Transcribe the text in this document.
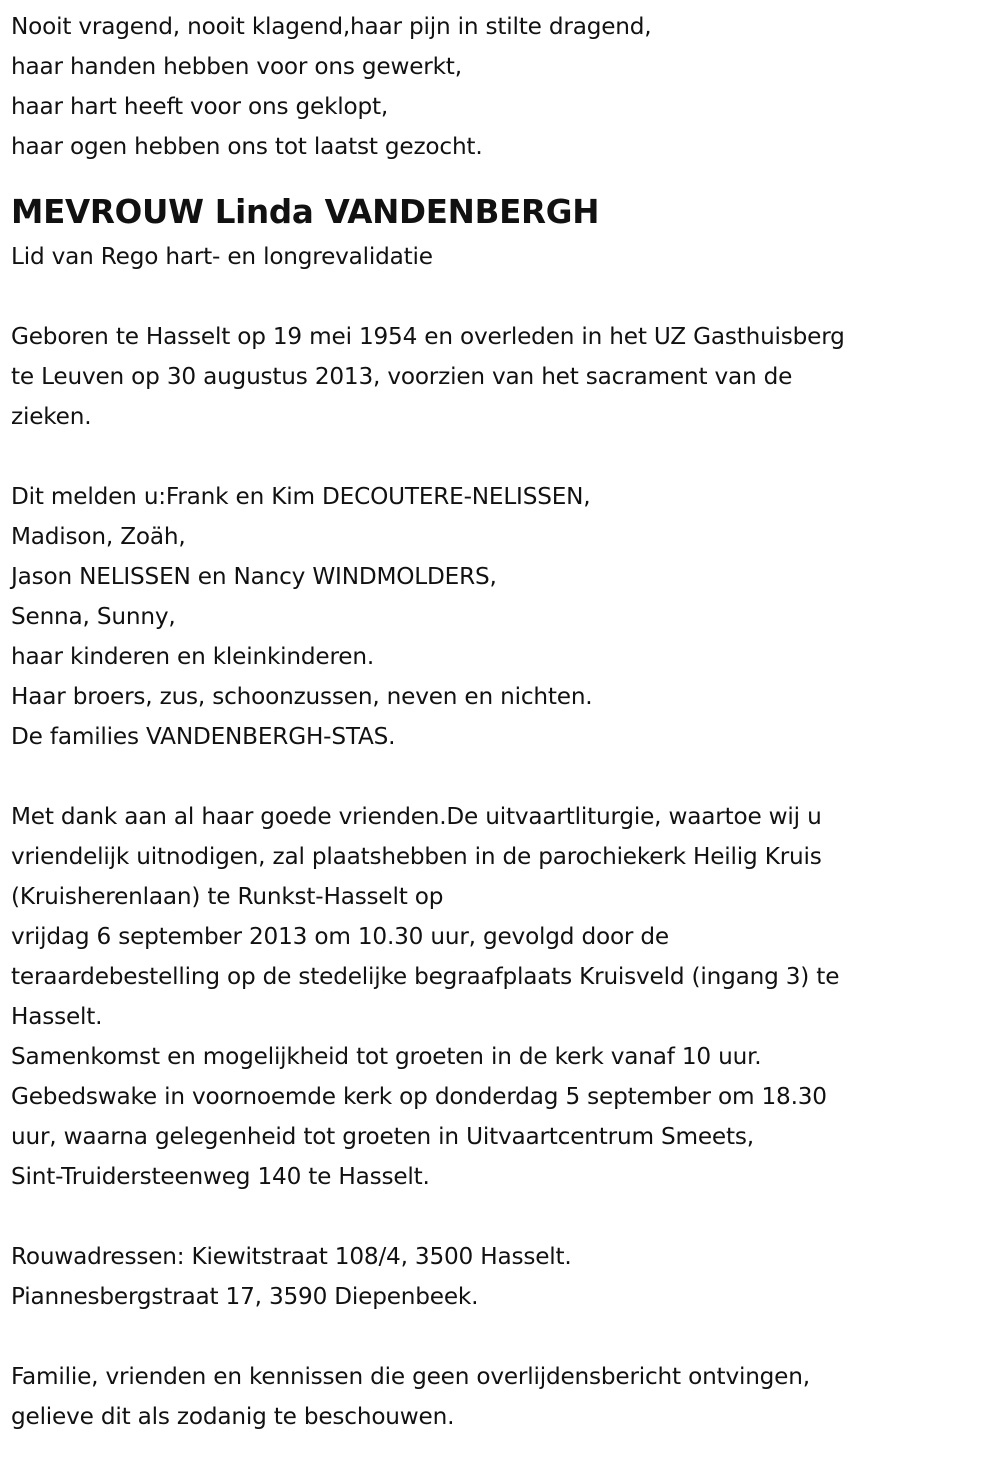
Nooit vragend, nooit klagend,haar pijn in stilte dragend,
haar handen hebben voor ons gewerkt,
haar hart heeft voor ons geklopt,
haar ogen hebben ons tot laatst gezocht.
MEVROUW Linda VANDENBERGH
Lid van Rego hart- en longrevalidatie
Geboren te Hasselt op 19 mei 1954 en overleden in het UZ Gasthuisberg
te Leuven op 30 augustus 2013, voorzien van het sacrament van de
zieken.
Dit melden u:Frank en Kim DECOUTERE-NELISSEN,
Madison, Zoäh,
Jason NELISSEN en Nancy WINDMOLDERS,
Senna, Sunny,
haar kinderen en kleinkinderen.
Haar broers, zus, schoonzussen, neven en nichten.
De families VANDENBERGH-STAS.
Met dank aan al haar goede vrienden.De uitvaartliturgie, waartoe wij u
vriendelijk uitnodigen, zal plaatshebben in de parochiekerk Heilig Kruis
(Kruisherenlaan) te Runkst-Hasselt op
vrijdag 6 september 2013 om 10.30 uur, gevolgd door de
teraardebestelling op de stedelijke begraafplaats Kruisveld (ingang 3) te
Hasselt.
Samenkomst en mogelijkheid tot groeten in de kerk vanaf 10 uur.
Gebedswake in voornoemde kerk op donderdag 5 september om 18.30
uur, waarna gelegenheid tot groeten in Uitvaartcentrum Smeets,
Sint-Truidersteenweg 140 te Hasselt.
Rouwadressen: Kiewitstraat 108/4, 3500 Hasselt.
Piannesbergstraat 17, 3590 Diepenbeek.
Familie, vrienden en kennissen die geen overlijdensbericht ontvingen,
gelieve dit als zodanig te beschouwen.
